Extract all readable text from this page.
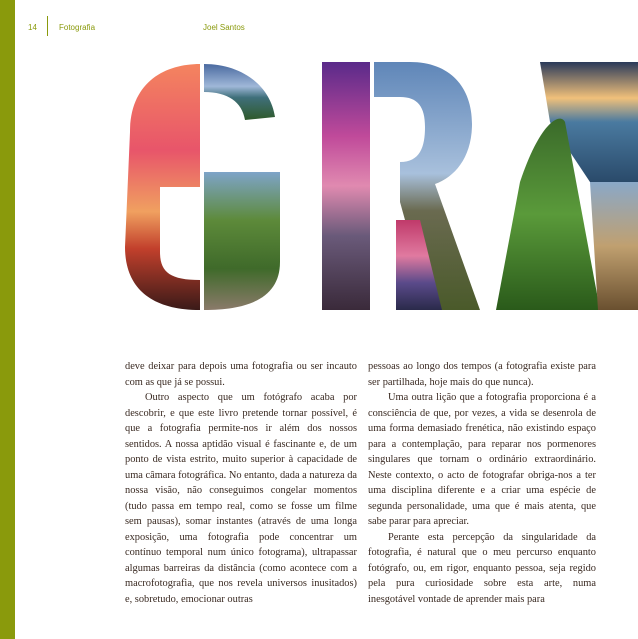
14	Fotografia	Joel Santos

deve deixar para depois uma fotografia ou ser incauto com as que já se possui.

Outro aspecto que um fotógrafo acaba por descobrir, e que este livro pretende tornar possível, é que a fotografia permite-nos ir além dos nossos sentidos. A nossa aptidão visual é fascinante e, de um ponto de vista estrito, muito superior à capacidade de uma câmara fotográfica. No entanto, dada a natureza da nossa visão, não conseguimos congelar momentos (tudo passa em tempo real, como se fosse um filme sem pausas), somar instantes (através de uma longa exposição, uma fotografia pode concentrar um contínuo temporal num único fotograma), ultrapassar algumas barreiras da distância (como acontece com a macrofotografia, que nos revela universos inusitados) e, sobretudo, emocionar outras

pessoas ao longo dos tempos (a fotografia existe para ser partilhada, hoje mais do que nunca).

Uma outra lição que a fotografia proporciona é a consciência de que, por vezes, a vida se desenrola de uma forma demasiado frenética, não existindo espaço para a contemplação, para reparar nos pormenores singulares que tornam o ordinário extraordinário. Neste contexto, o acto de fotografar obriga-nos a ter uma disciplina diferente e a criar uma espécie de segunda personalidade, uma que é mais atenta, que sabe parar para apreciar.

Perante esta percepção da singularidade da fotografia, é natural que o meu percurso enquanto fotógrafo, ou, em rigor, enquanto pessoa, seja regido pela pura curiosidade sobre esta arte, numa inesgotável vontade de aprender mais para
